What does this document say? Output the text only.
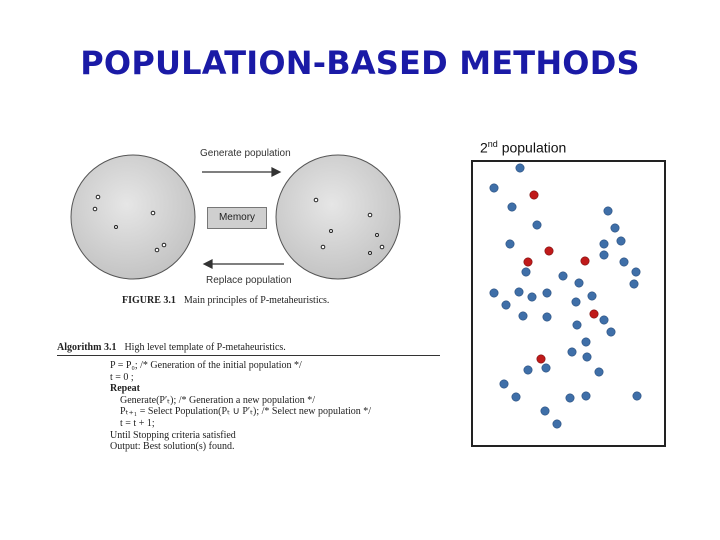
POPULATION-BASED METHODS
Generate population
Memory
Replace population
FIGURE 3.1 Main principles of P-metaheuristics.
Algorithm 3.1 High level template of P-metaheuristics.
P = P₀; /* Generation of the initial population */
t = 0 ;
Repeat
Generate(P′ₜ); /* Generation a new population */
Pₜ₊₁ = Select Population(Pₜ ∪ P′ₜ); /* Select new population */
t = t + 1;
Until Stopping criteria satisfied
Output: Best solution(s) found.
2nd population
